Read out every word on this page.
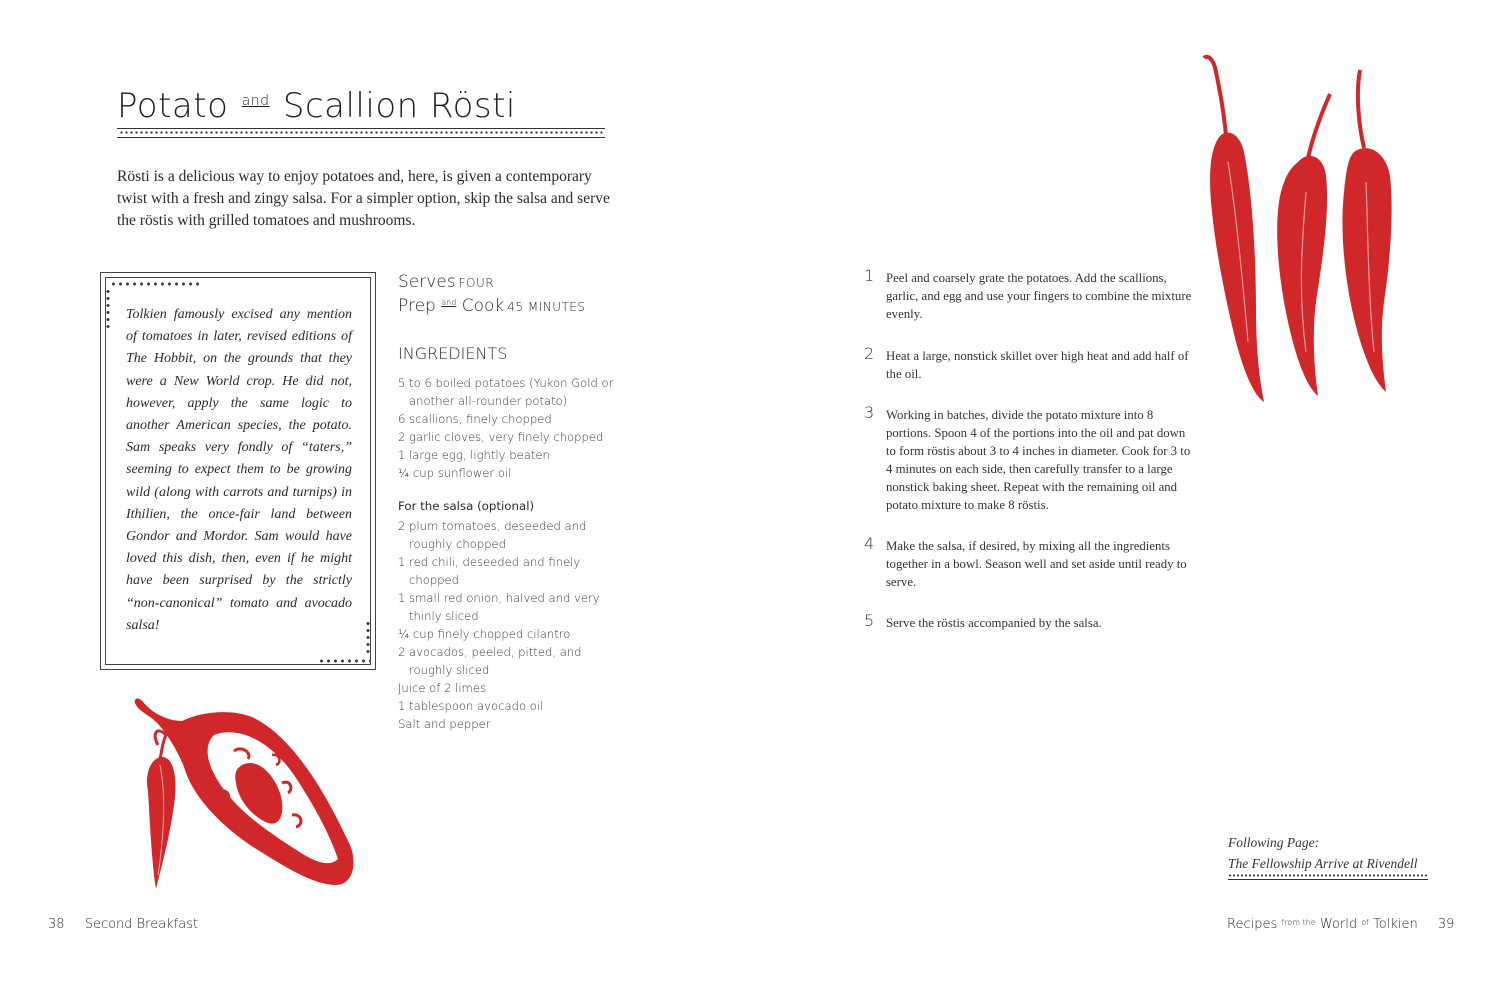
Potato $^{and}$ Scallion Rösti

Rösti is a delicious way to enjoy potatoes and, here, is given a contemporary twist with a fresh and zingy salsa. For a simpler option, skip the salsa and serve the röstis with grilled tomatoes and mushrooms.

Tolkien famously excised any mention of tomatoes in later, revised editions of The Hobbit, on the grounds that they were a New World crop. He did not, however, apply the same logic to another American species, the potato. Sam speaks very fondly of “taters,” seeming to expect them to be growing wild (along with carrots and turnips) in Ithilien, the once-fair land between Gondor and Mordor. Sam would have loved this dish, then, even if he might have been surprised by the strictly “non-canonical” tomato and avocado salsa!

Serves FOUR
Prep $^{and}$ Cook 45 MINUTES
INGREDIENTS
5 to 6 boiled potatoes (Yukon Gold or another all-rounder potato)
6 scallions, finely chopped
2 garlic cloves, very finely chopped
1 large egg, lightly beaten
¼ cup sunflower oil
For the salsa (optional)
2 plum tomatoes, deseeded and roughly chopped
1 red chili, deseeded and finely chopped
1 small red onion, halved and very thinly sliced
¼ cup finely chopped cilantro
2 avocados, peeled, pitted, and roughly sliced
Juice of 2 limes
1 tablespoon avocado oil
Salt and pepper
38 Second Breakfast
1 Peel and coarsely grate the potatoes. Add the scallions, garlic, and egg and use your fingers to combine the mixture evenly.

2 Heat a large, nonstick skillet over high heat and add half of the oil.

3 Working in batches, divide the potato mixture into 8 portions. Spoon 4 of the portions into the oil and pat down to form röstis about 3 to 4 inches in diameter. Cook for 3 to 4 minutes on each side, then carefully transfer to a large nonstick baking sheet. Repeat with the remaining oil and potato mixture to make 8 röstis.

4 Make the salsa, if desired, by mixing all the ingredients together in a bowl. Season well and set aside until ready to serve.

5 Serve the röstis accompanied by the salsa.

Following Page:
The Fellowship Arrive at Rivendell
Recipes $^{from the}$ World $^{of}$ Tolkien 39
